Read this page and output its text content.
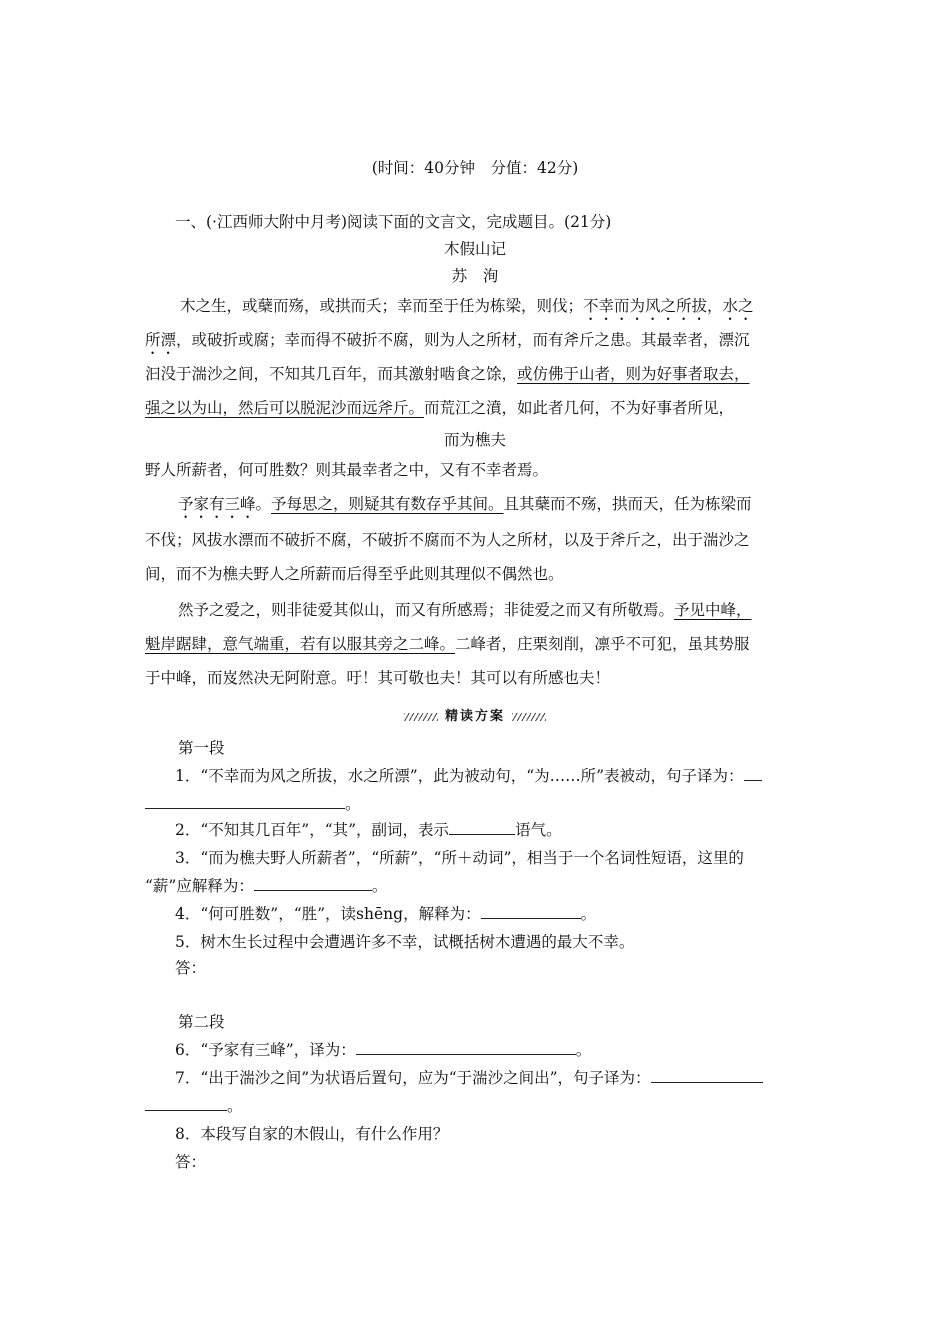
(时间：40分钟　分值：42分)
一、(·江西师大附中月考)阅读下面的文言文，完成题目。(21分)
木假山记
苏　洵
木之生，或蘖而殇，或拱而夭；幸而至于任为栋梁，则伐；不幸而为风之所拔，水之
所漂，或破折或腐；幸而得不破折不腐，则为人之所材，而有斧斤之患。其最幸者，漂沉
汩没于湍沙之间，不知其几百年，而其激射啮食之馀，或仿佛于山者，则为好事者取去，
强之以为山，然后可以脱泥沙而远斧斤。而荒江之濆，如此者几何，不为好事者所见，
而为樵夫
野人所薪者，何可胜数？则其最幸者之中，又有不幸者焉。
予家有三峰。予每思之，则疑其有数存乎其间。且其蘖而不殇，拱而天，任为栋梁而
不伐；风拔水漂而不破折不腐，不破折不腐而不为人之所材，以及于斧斤之，出于湍沙之
间，而不为樵夫野人之所薪而后得至乎此则其理似不偶然也。
然予之爱之，则非徒爱其似山，而又有所感焉；非徒爱之而又有所敬焉。予见中峰，
魁岸踞肆，意气端重，若有以服其旁之二峰。二峰者，庄栗刻削，凛乎不可犯，虽其势服
于中峰，而岌然决无阿附意。吁！其可敬也夫！其可以有所感也夫！
精读方案
第一段
1．“不幸而为风之所拔，水之所漂”，此为被动句，“为……所”表被动，句子译为：
。
2．“不知其几百年”，“其”，副词，表示	语气。
3．“而为樵夫野人所薪者”，“所薪”，“所＋动词”，相当于一个名词性短语，这里的
“薪”应解释为：	。
4．“何可胜数”，“胜”，读shēng，解释为：	。
5．树木生长过程中会遭遇许多不幸，试概括树木遭遇的最大不幸。
答：
第二段
6．“予家有三峰”，译为：	。
7．“出于湍沙之间”为状语后置句，应为“于湍沙之间出”，句子译为：
。
8．本段写自家的木假山，有什么作用？
答：
